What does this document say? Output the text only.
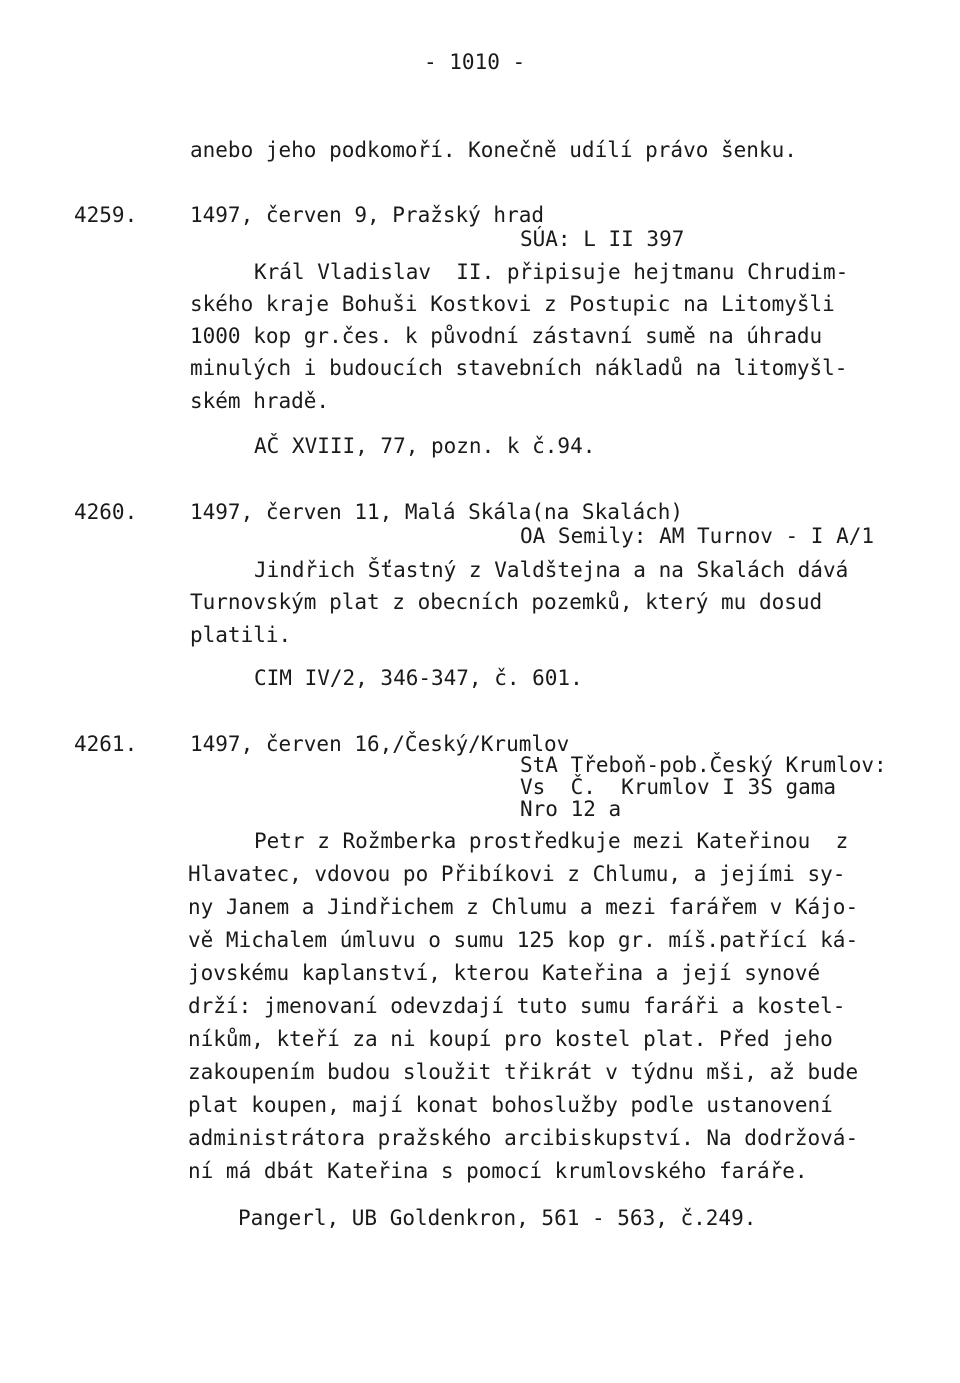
- 1010 -
anebo jeho podkomoří. Konečně udílí právo šenku.
4259.	1497, červen 9, Pražský hrad
SÚA: L II 397
Král Vladislav  II. připisuje hejtmanu Chrudim-
ského kraje Bohuši Kostkovi z Postupic na Litomyšli
1000 kop gr.čes. k původní zástavní sumě na úhradu
minulých i budoucích stavebních nákladů na litomyšl-
ském hradě.
AČ XVIII, 77, pozn. k č.94.
4260.	1497, červen 11, Malá Skála(na Skalách)
OA Semily: AM Turnov - I A/1
Jindřich Šťastný z Valdštejna a na Skalách dává
Turnovským plat z obecních pozemků, který mu dosud
platili.
CIM IV/2, 346-347, č. 601.
4261.	1497, červen 16,/Český/Krumlov
StA Třeboň-pob.Český Krumlov:
Vs  Č.  Krumlov I 3S gama
Nro 12 a
Petr z Rožmberka prostředkuje mezi Kateřinou  z
Hlavatec, vdovou po Přibíkovi z Chlumu, a jejími sy-
ny Janem a Jindřichem z Chlumu a mezi farářem v Kájo-
vě Michalem úmluvu o sumu 125 kop gr. míš.patřící ká-
jovskému kaplanství, kterou Kateřina a její synové
drží: jmenovaní odevzdají tuto sumu faráři a kostel-
níkům, kteří za ni koupí pro kostel plat. Před jeho
zakoupením budou sloužit třikrát v týdnu mši, až bude
plat koupen, mají konat bohoslužby podle ustanovení
administrátora pražského arcibiskupství. Na dodržová-
ní má dbát Kateřina s pomocí krumlovského faráře.
Pangerl, UB Goldenkron, 561 - 563, č.249.
